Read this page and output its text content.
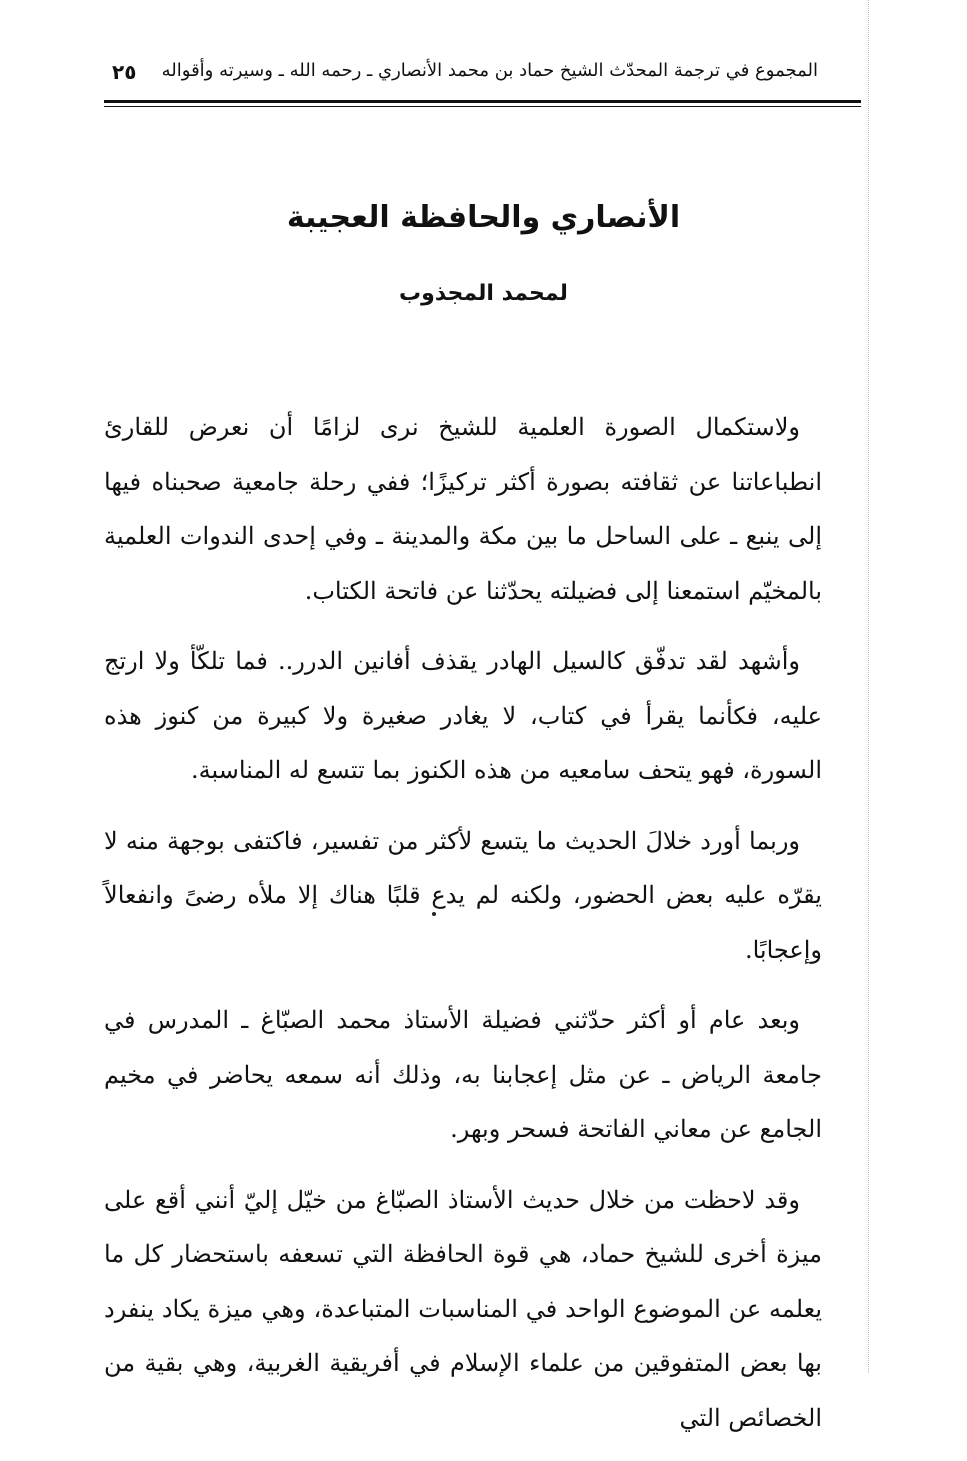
المجموع في ترجمة المحدّث الشيخ حماد بن محمد الأنصاري ـ رحمه الله ـ وسيرته وأقواله
٢٥
الأنصاري والحافظة العجيبة
لمحمد المجذوب

ولاستكمال الصورة العلمية للشيخ نرى لزامًا أن نعرض للقارئ انطباعاتنا عن ثقافته بصورة أكثر تركيزًا؛ ففي رحلة جامعية صحبناه فيها إلى ينبع ـ على الساحل ما بين مكة والمدينة ـ وفي إحدى الندوات العلمية بالمخيّم استمعنا إلى فضيلته يحدّثنا عن فاتحة الكتاب.

وأشهد لقد تدفّق كالسيل الهادر يقذف أفانين الدرر.. فما تلكّأ ولا ارتج عليه، فكأنما يقرأ في كتاب، لا يغادر صغيرة ولا كبيرة من كنوز هذه السورة، فهو يتحف سامعيه من هذه الكنوز بما تتسع له المناسبة.

وربما أورد خلالَ الحديث ما يتسع لأكثر من تفسير، فاكتفى بوجهة منه لا يقرّه عليه بعض الحضور، ولكنه لم يدع قلبًا هناك إلا ملأه رضىً وانفعالاً وإعجابًا.

وبعد عام أو أكثر حدّثني فضيلة الأستاذ محمد الصبّاغ ـ المدرس في جامعة الرياض ـ عن مثل إعجابنا به، وذلك أنه سمعه يحاضر في مخيم الجامع عن معاني الفاتحة فسحر وبهر.

وقد لاحظت من خلال حديث الأستاذ الصبّاغ من خيّل إليّ أنني أقع على ميزة أخرى للشيخ حماد، هي قوة الحافظة التي تسعفه باستحضار كل ما يعلمه عن الموضوع الواحد في المناسبات المتباعدة، وهي ميزة يكاد ينفرد بها بعض المتفوقين من علماء الإسلام في أفريقية الغربية، وهي بقية من الخصائص التي
